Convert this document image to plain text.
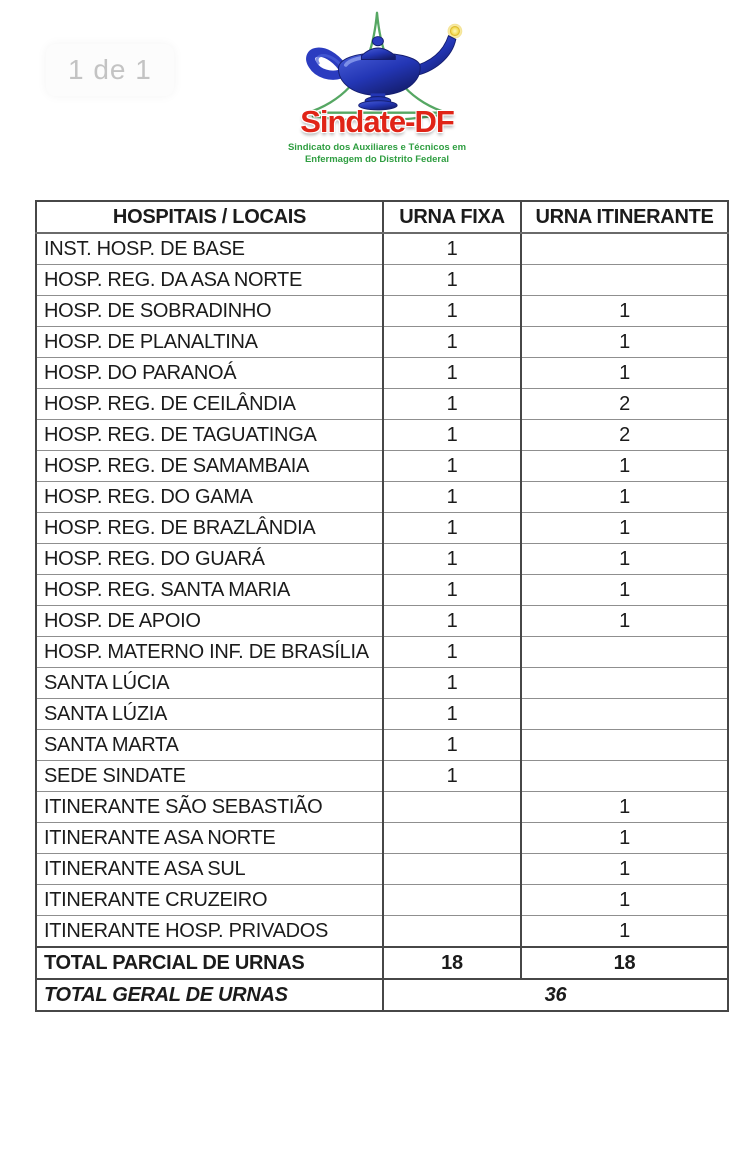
1 de 1
Sindate-DF
Sindicato dos Auxiliares e Técnicos em
Enfermagem do Distrito Federal
HOSPITAIS / LOCAIS	URNA FIXA	URNA ITINERANTE
INST. HOSP. DE BASE	1	
HOSP. REG. DA ASA NORTE	1	
HOSP. DE SOBRADINHO	1	1
HOSP. DE PLANALTINA	1	1
HOSP. DO PARANOÁ	1	1
HOSP. REG. DE CEILÂNDIA	1	2
HOSP. REG. DE TAGUATINGA	1	2
HOSP. REG. DE SAMAMBAIA	1	1
HOSP. REG. DO GAMA	1	1
HOSP. REG. DE BRAZLÂNDIA	1	1
HOSP. REG. DO GUARÁ	1	1
HOSP. REG. SANTA MARIA	1	1
HOSP. DE APOIO	1	1
HOSP. MATERNO INF. DE BRASÍLIA	1	
SANTA LÚCIA	1	
SANTA LÚZIA	1	
SANTA MARTA	1	
SEDE SINDATE	1	
ITINERANTE SÃO SEBASTIÃO		1
ITINERANTE ASA NORTE		1
ITINERANTE ASA SUL		1
ITINERANTE CRUZEIRO		1
ITINERANTE HOSP. PRIVADOS		1
TOTAL PARCIAL DE URNAS	18	18
TOTAL GERAL DE URNAS	36	
